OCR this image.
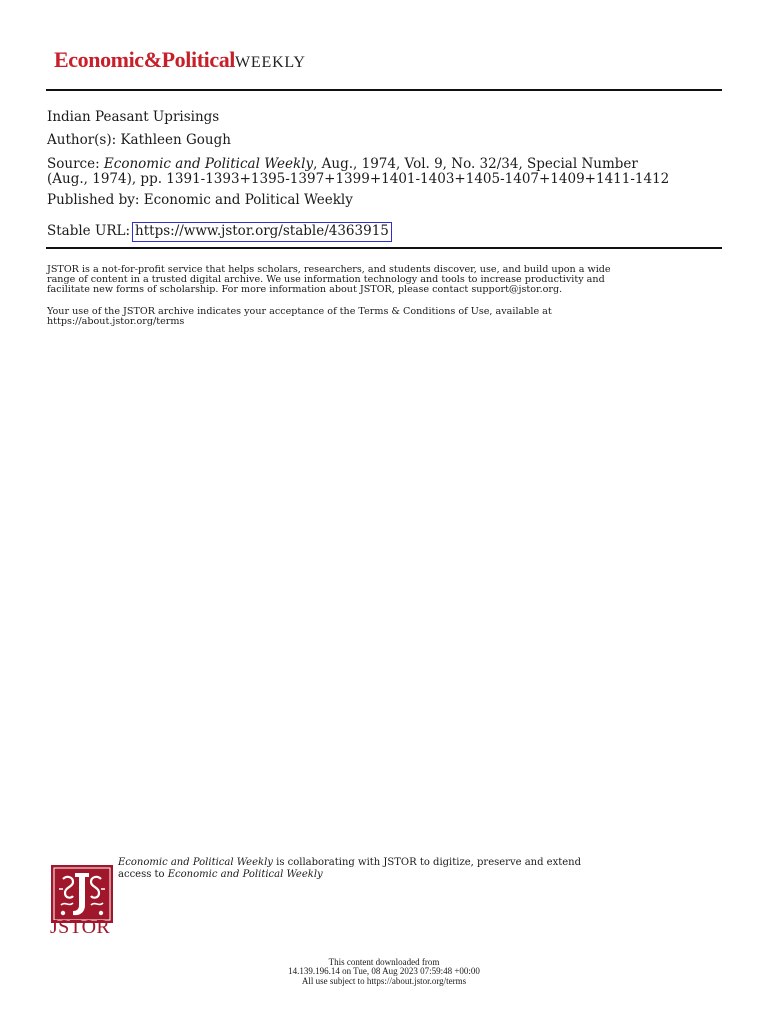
Economic&PoliticalWEEKLY
Indian Peasant Uprisings
Author(s): Kathleen Gough
Source: Economic and Political Weekly, Aug., 1974, Vol. 9, No. 32/34, Special Number
(Aug., 1974), pp. 1391-1393+1395-1397+1399+1401-1403+1405-1407+1409+1411-1412
Published by: Economic and Political Weekly
Stable URL: https://www.jstor.org/stable/4363915
JSTOR is a not-for-profit service that helps scholars, researchers, and students discover, use, and build upon a wide
range of content in a trusted digital archive. We use information technology and tools to increase productivity and
facilitate new forms of scholarship. For more information about JSTOR, please contact support@jstor.org.
Your use of the JSTOR archive indicates your acceptance of the Terms & Conditions of Use, available at
https://about.jstor.org/terms
JSTOR
Economic and Political Weekly is collaborating with JSTOR to digitize, preserve and extend
access to Economic and Political Weekly
This content downloaded from
14.139.196.14 on Tue, 08 Aug 2023 07:59:48 +00:00
All use subject to https://about.jstor.org/terms
